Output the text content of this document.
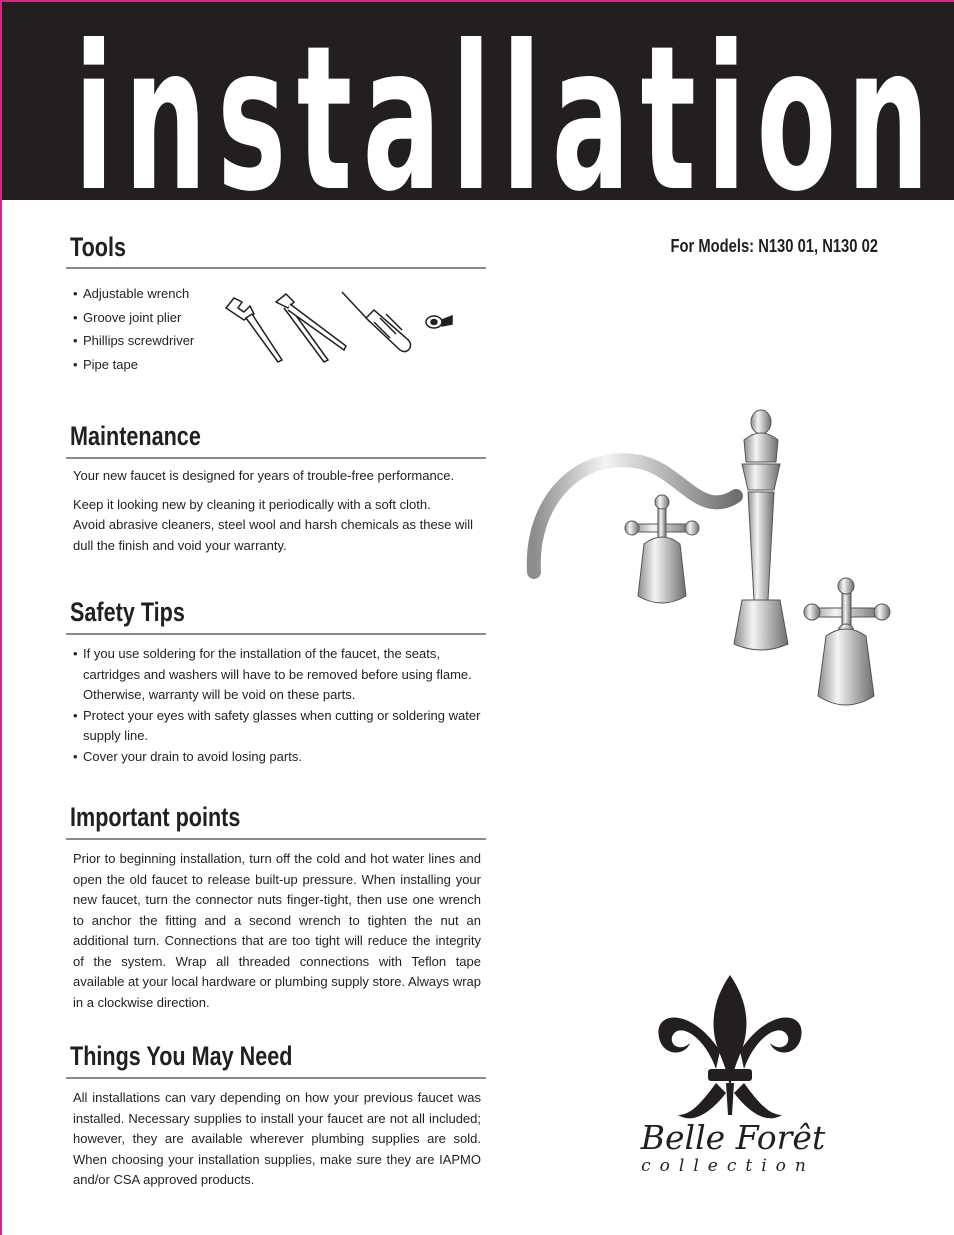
installation
For Models: N130 01, N130 02
Tools
• Adjustable wrench
• Groove joint plier
• Phillips screwdriver
• Pipe tape
Maintenance

Your new faucet is designed for years of trouble-free performance.

Keep it looking new by cleaning it periodically with a soft cloth.

Avoid abrasive cleaners, steel wool and harsh chemicals as these will dull the finish and void your warranty.

Safety Tips
• If you use soldering for the installation of the faucet, the seats, cartridges and washers will have to be removed before using flame. Otherwise, warranty will be void on these parts.
• Protect your eyes with safety glasses when cutting or soldering water supply line.
• Cover your drain to avoid losing parts.
Important points
Prior to beginning installation, turn off the cold and hot water lines and open the old faucet to release built-up pressure. When installing your new faucet, turn the connector nuts finger-tight, then use one wrench to anchor the fitting and a second wrench to tighten the nut an additional turn. Connections that are too tight will reduce the integrity of the system. Wrap all threaded connections with Teflon tape available at your local hardware or plumbing supply store. Always wrap in a clockwise direction.
Things You May Need
All installations can vary depending on how your previous faucet was installed. Necessary supplies to install your faucet are not all included; however, they are available wherever plumbing supplies are sold. When choosing your installation supplies, make sure they are IAPMO and/or CSA approved products.
Belle Forêt
collection
